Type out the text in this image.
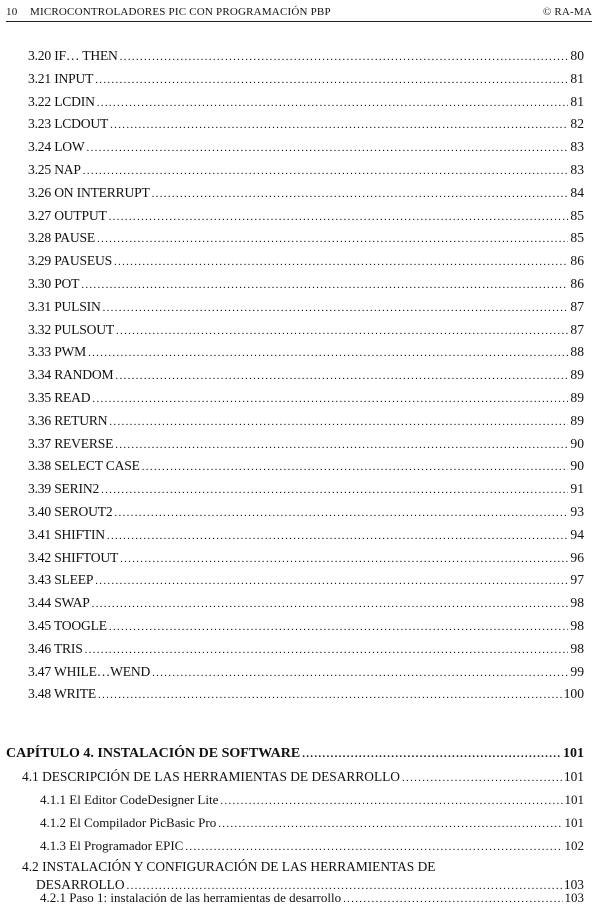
10 MICROCONTROLADORES PIC CON PROGRAMACIÓN PBP	© RA-MA
CAPÍTULO 4. INSTALACIÓN DE SOFTWARE .....	101
4.1 DESCRIPCIÓN DE LAS HERRAMIENTAS DE DESARROLLO .....	101
4.1.1 El Editor CodeDesigner Lite .....	101
4.1.2 El Compilador PicBasic Pro .....	101
4.1.3 El Programador EPIC .....	102
4.2 INSTALACIÓN Y CONFIGURACIÓN DE LAS HERRAMIENTAS DE
DESARROLLO .....	103
4.2.1 Paso 1: instalación de las herramientas de desarrollo .....	103
3.20 IF… THEN .....	80
3.21 INPUT .....	81
3.22 LCDIN .....	81
3.23 LCDOUT .....	82
3.24 LOW .....	83
3.25 NAP .....	83
3.26 ON INTERRUPT .....	84
3.27 OUTPUT .....	85
3.28 PAUSE .....	85
3.29 PAUSEUS .....	86
3.30 POT .....	86
3.31 PULSIN .....	87
3.32 PULSOUT .....	87
3.33 PWM .....	88
3.34 RANDOM .....	89
3.35 READ .....	89
3.36 RETURN .....	89
3.37 REVERSE .....	90
3.38 SELECT CASE .....	90
3.39 SERIN2 .....	91
3.40 SEROUT2 .....	93
3.41 SHIFTIN .....	94
3.42 SHIFTOUT .....	96
3.43 SLEEP .....	97
3.44 SWAP .....	98
3.45 TOOGLE .....	98
3.46 TRIS .....	98
3.47 WHILE…WEND .....	99
3.48 WRITE .....	100
